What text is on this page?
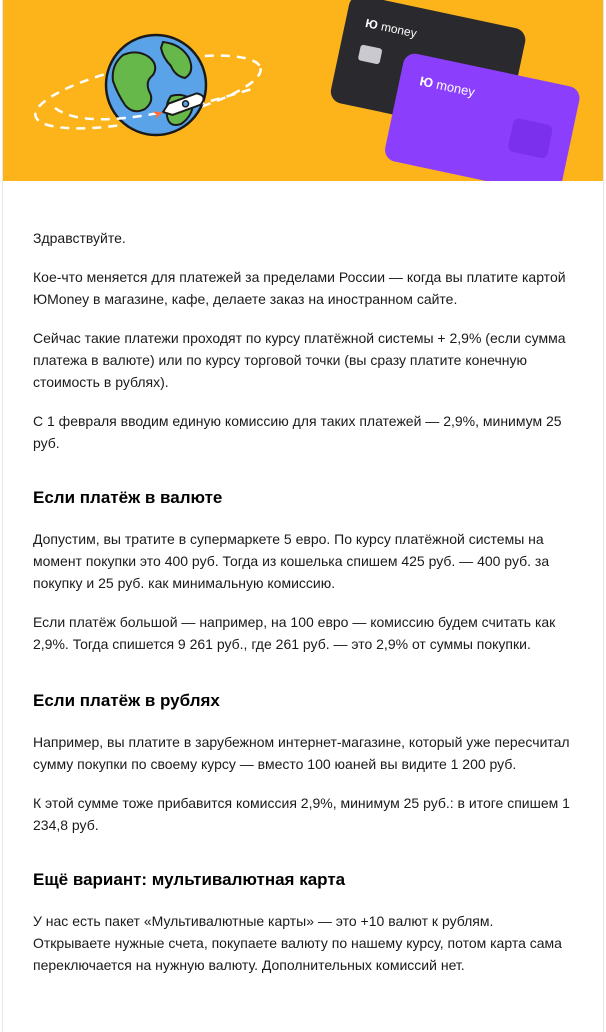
Ю money
Ю money

Здравствуйте.

Кое-что меняется для платежей за пределами России — когда вы платите картой ЮMoney в магазине, кафе, делаете заказ на иностранном сайте.

Сейчас такие платежи проходят по курсу платёжной системы + 2,9% (если сумма платежа в валюте) или по курсу торговой точки (вы сразу платите конечную стоимость в рублях).

С 1 февраля вводим единую комиссию для таких платежей — 2,9%, минимум 25 руб.

Если платёж в валюте

Допустим, вы тратите в супермаркете 5 евро. По курсу платёжной системы на момент покупки это 400 руб. Тогда из кошелька спишем 425 руб. — 400 руб. за покупку и 25 руб. как минимальную комиссию.

Если платёж большой — например, на 100 евро — комиссию будем считать как 2,9%. Тогда спишется 9 261 руб., где 261 руб. — это 2,9% от суммы покупки.

Если платёж в рублях

Например, вы платите в зарубежном интернет-магазине, который уже пересчитал сумму покупки по своему курсу — вместо 100 юаней вы видите 1 200 руб.

К этой сумме тоже прибавится комиссия 2,9%, минимум 25 руб.: в итоге спишем 1 234,8 руб.

Ещё вариант: мультивалютная карта

У нас есть пакет «Мультивалютные карты» — это +10 валют к рублям. Открываете нужные счета, покупаете валюту по нашему курсу, потом карта сама переключается на нужную валюту. Дополнительных комиссий нет.
